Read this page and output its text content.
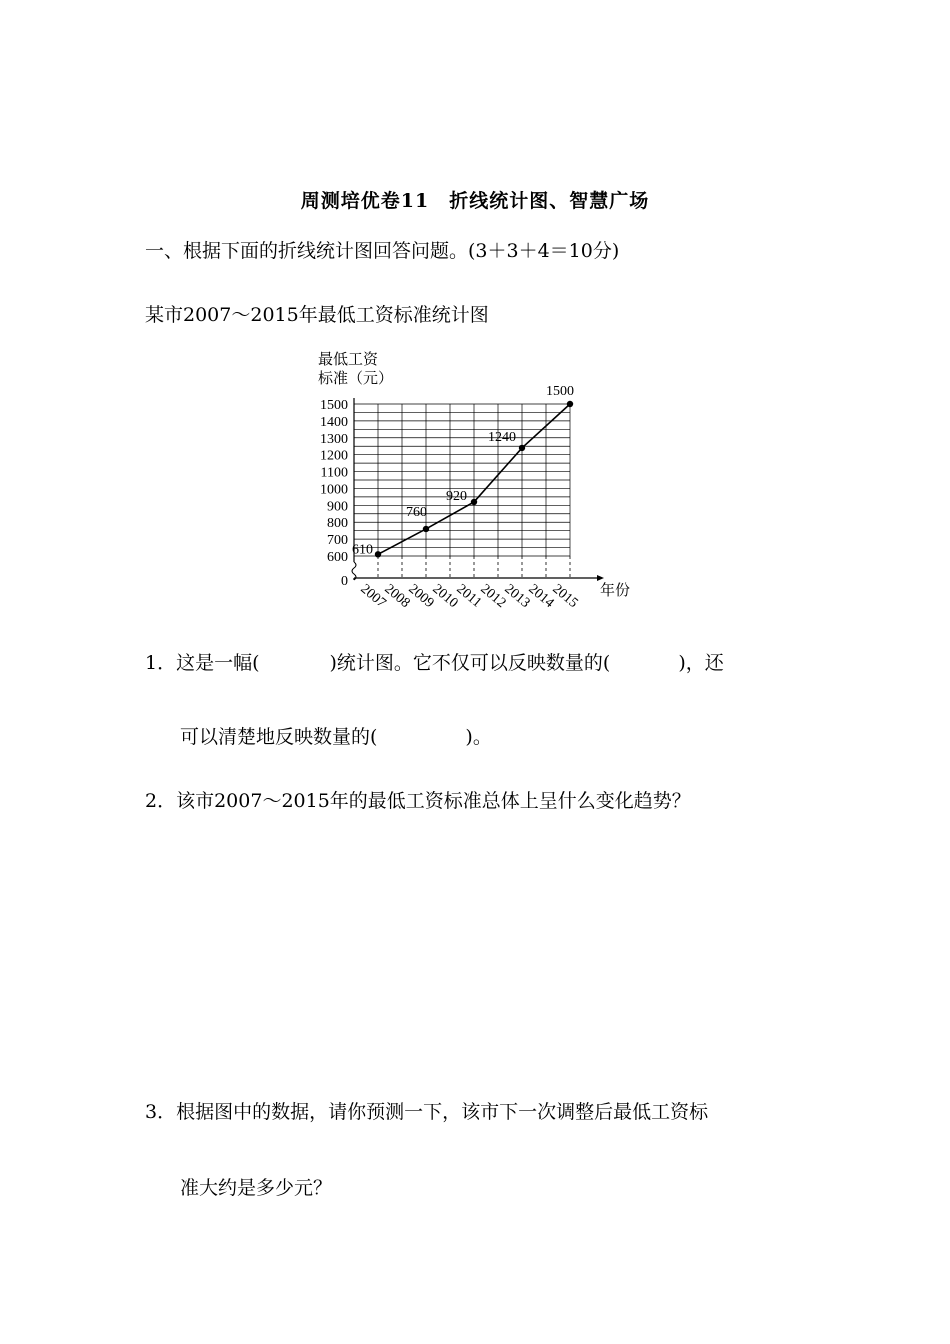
周测培优卷11　折线统计图、智慧广场
一、根据下面的折线统计图回答问题。(3＋3＋4＝10分)
某市2007～2015年最低工资标准统计图
600
700
800
900
1000
1100
1200
1300
1400
1500
2007
2008
2009
2010
2011
2012
2013
2014
2015
610
760
920
1240
1500
最低工资
标准（元）
年份
0
1．这是一幅(	)统计图。它不仅可以反映数量的(	)，还
可以清楚地反映数量的(	)。
2．该市2007～2015年的最低工资标准总体上呈什么变化趋势？
3．根据图中的数据，请你预测一下，该市下一次调整后最低工资标
准大约是多少元？
